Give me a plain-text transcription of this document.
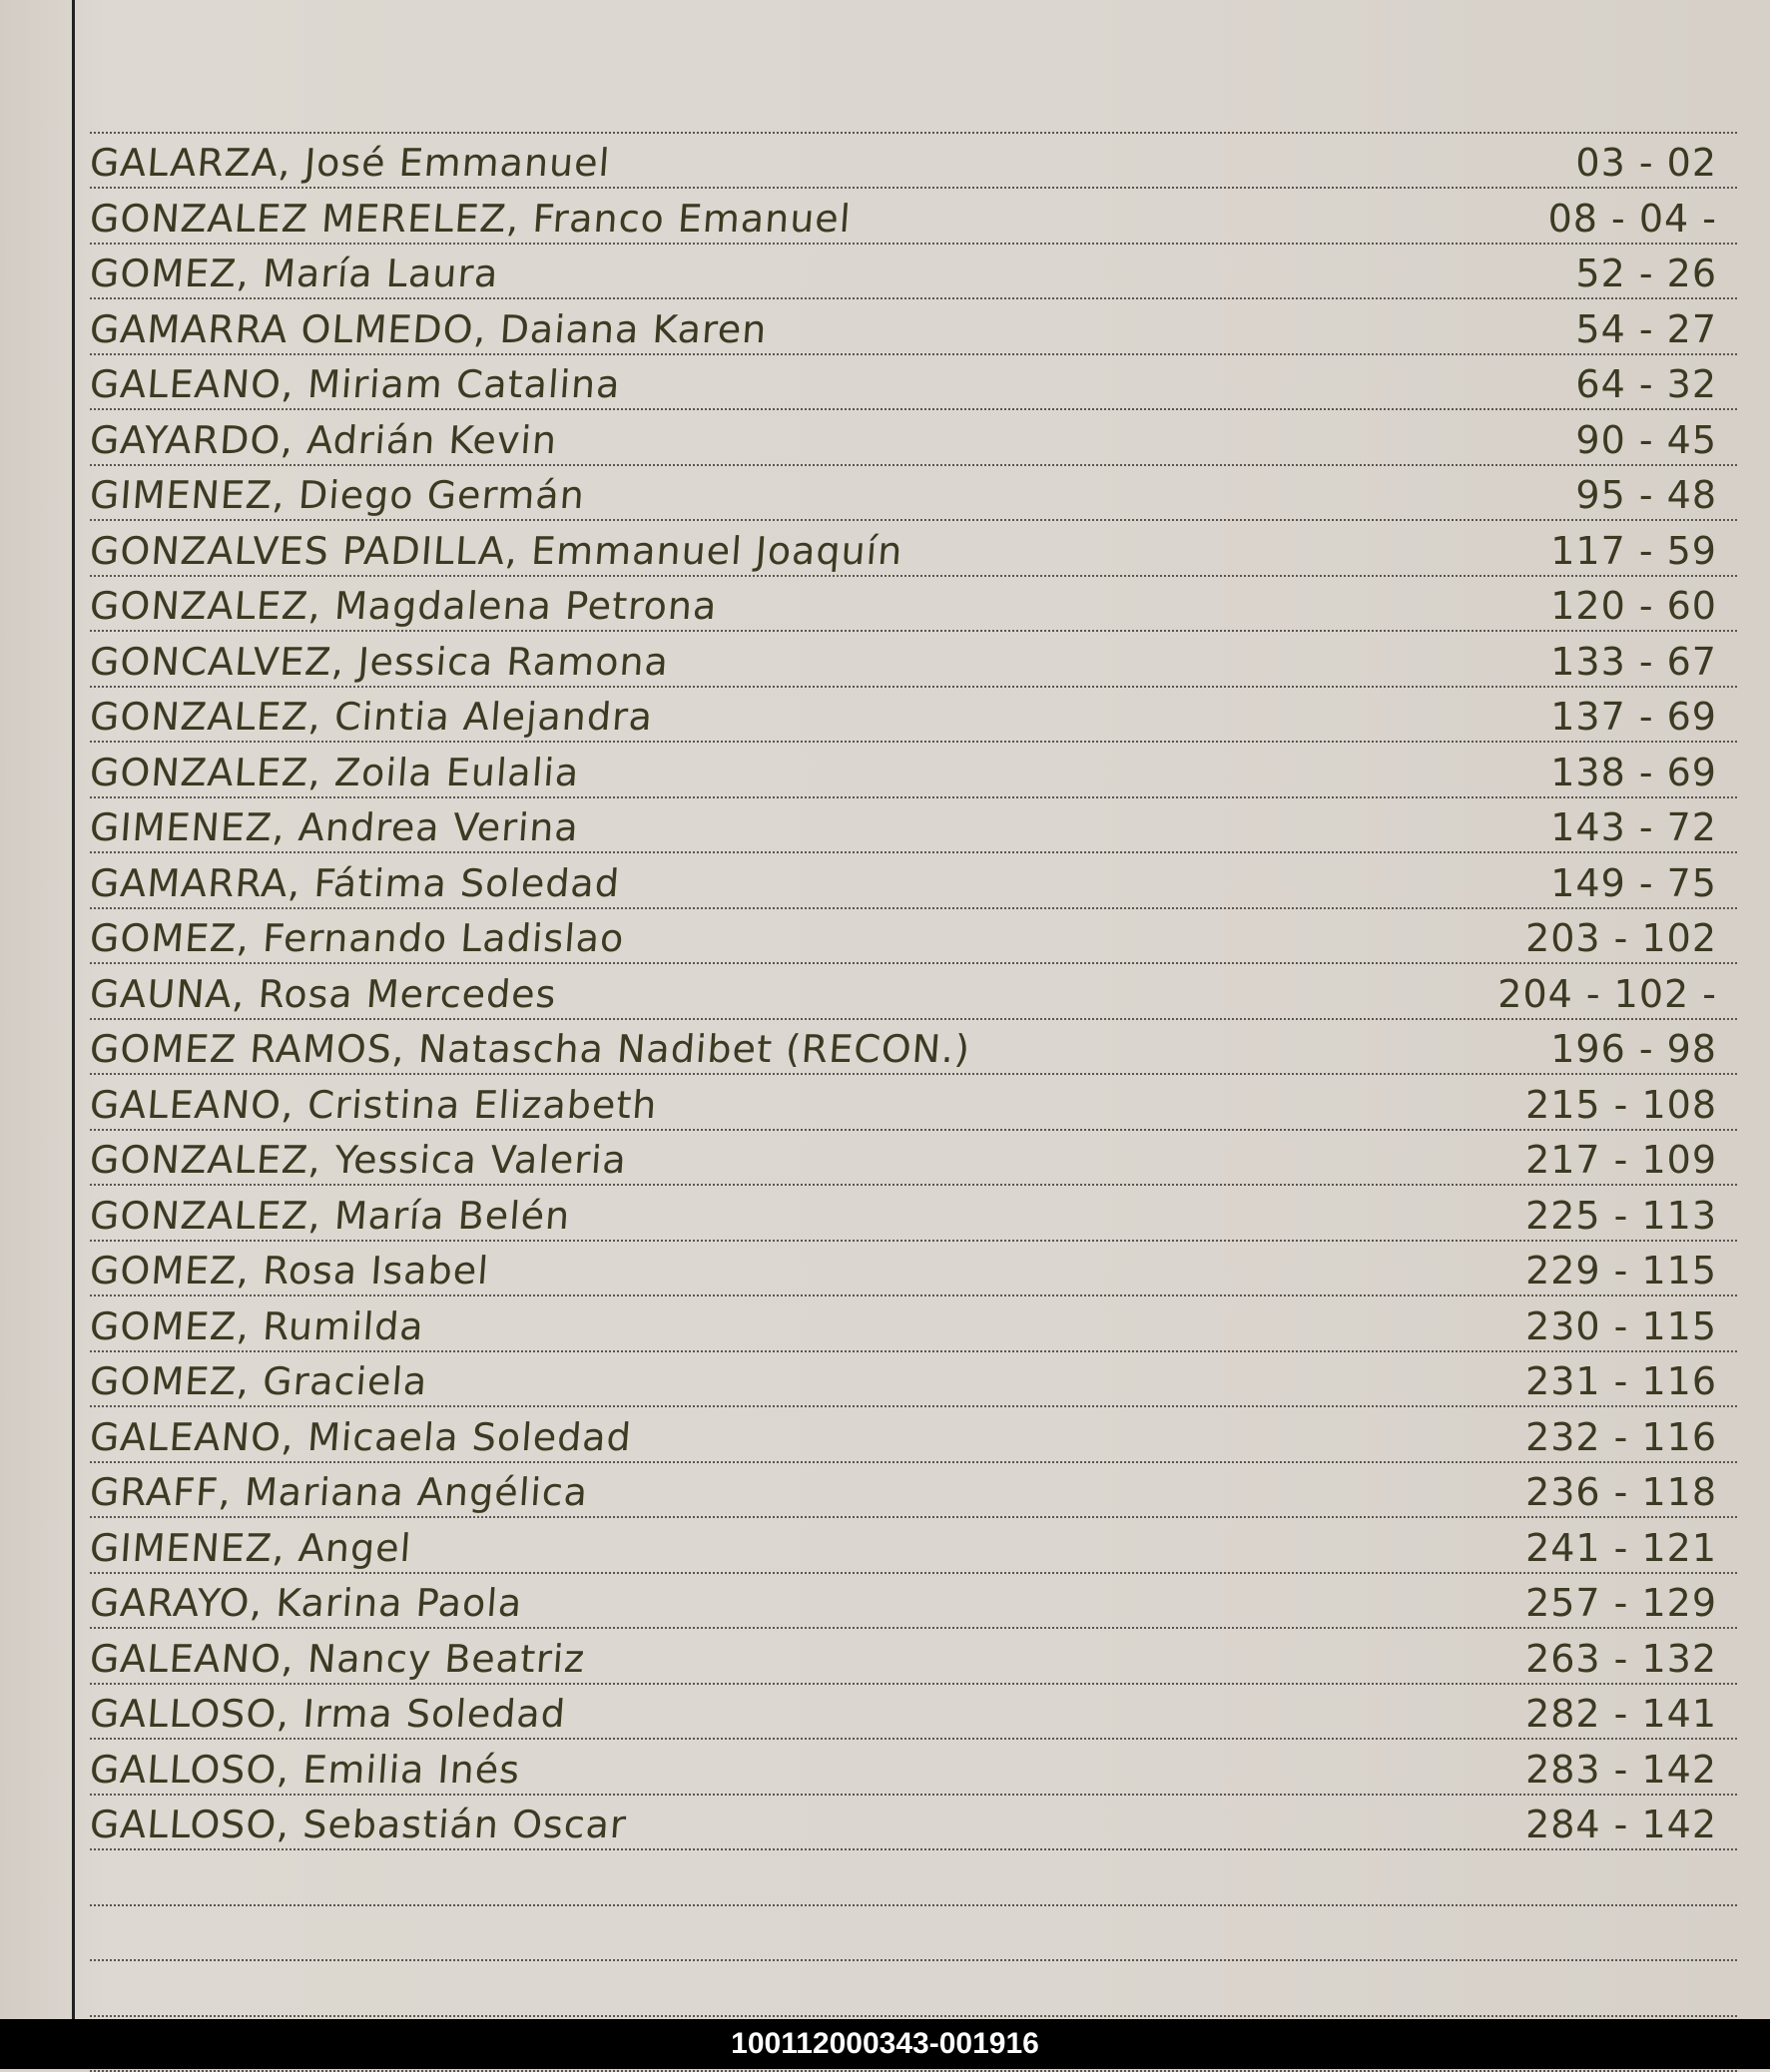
GALARZA, José Emmanuel	03 - 02
GONZALEZ MERELEZ, Franco Emanuel	08 - 04 -
GOMEZ, María Laura	52 - 26
GAMARRA OLMEDO, Daiana Karen	54 - 27
GALEANO, Miriam Catalina	64 - 32
GAYARDO, Adrián Kevin	90 - 45
GIMENEZ, Diego Germán	95 - 48
GONZALVES PADILLA, Emmanuel Joaquín	117 - 59
GONZALEZ, Magdalena Petrona	120 - 60
GONCALVEZ, Jessica Ramona	133 - 67
GONZALEZ, Cintia Alejandra	137 - 69
GONZALEZ, Zoila Eulalia	138 - 69
GIMENEZ, Andrea Verina	143 - 72
GAMARRA, Fátima Soledad	149 - 75
GOMEZ, Fernando Ladislao	203 - 102
GAUNA, Rosa Mercedes	204 - 102 -
GOMEZ RAMOS, Natascha Nadibet (RECON.)	196 - 98
GALEANO, Cristina Elizabeth	215 - 108
GONZALEZ, Yessica Valeria	217 - 109
GONZALEZ, María Belén	225 - 113
GOMEZ, Rosa Isabel	229 - 115
GOMEZ, Rumilda	230 - 115
GOMEZ, Graciela	231 - 116
GALEANO, Micaela Soledad	232 - 116
GRAFF, Mariana Angélica	236 - 118
GIMENEZ, Angel	241 - 121
GARAYO, Karina Paola	257 - 129
GALEANO, Nancy Beatriz	263 - 132
GALLOSO, Irma Soledad	282 - 141
GALLOSO, Emilia Inés	283 - 142
GALLOSO, Sebastián Oscar	284 - 142
100112000343-001916
